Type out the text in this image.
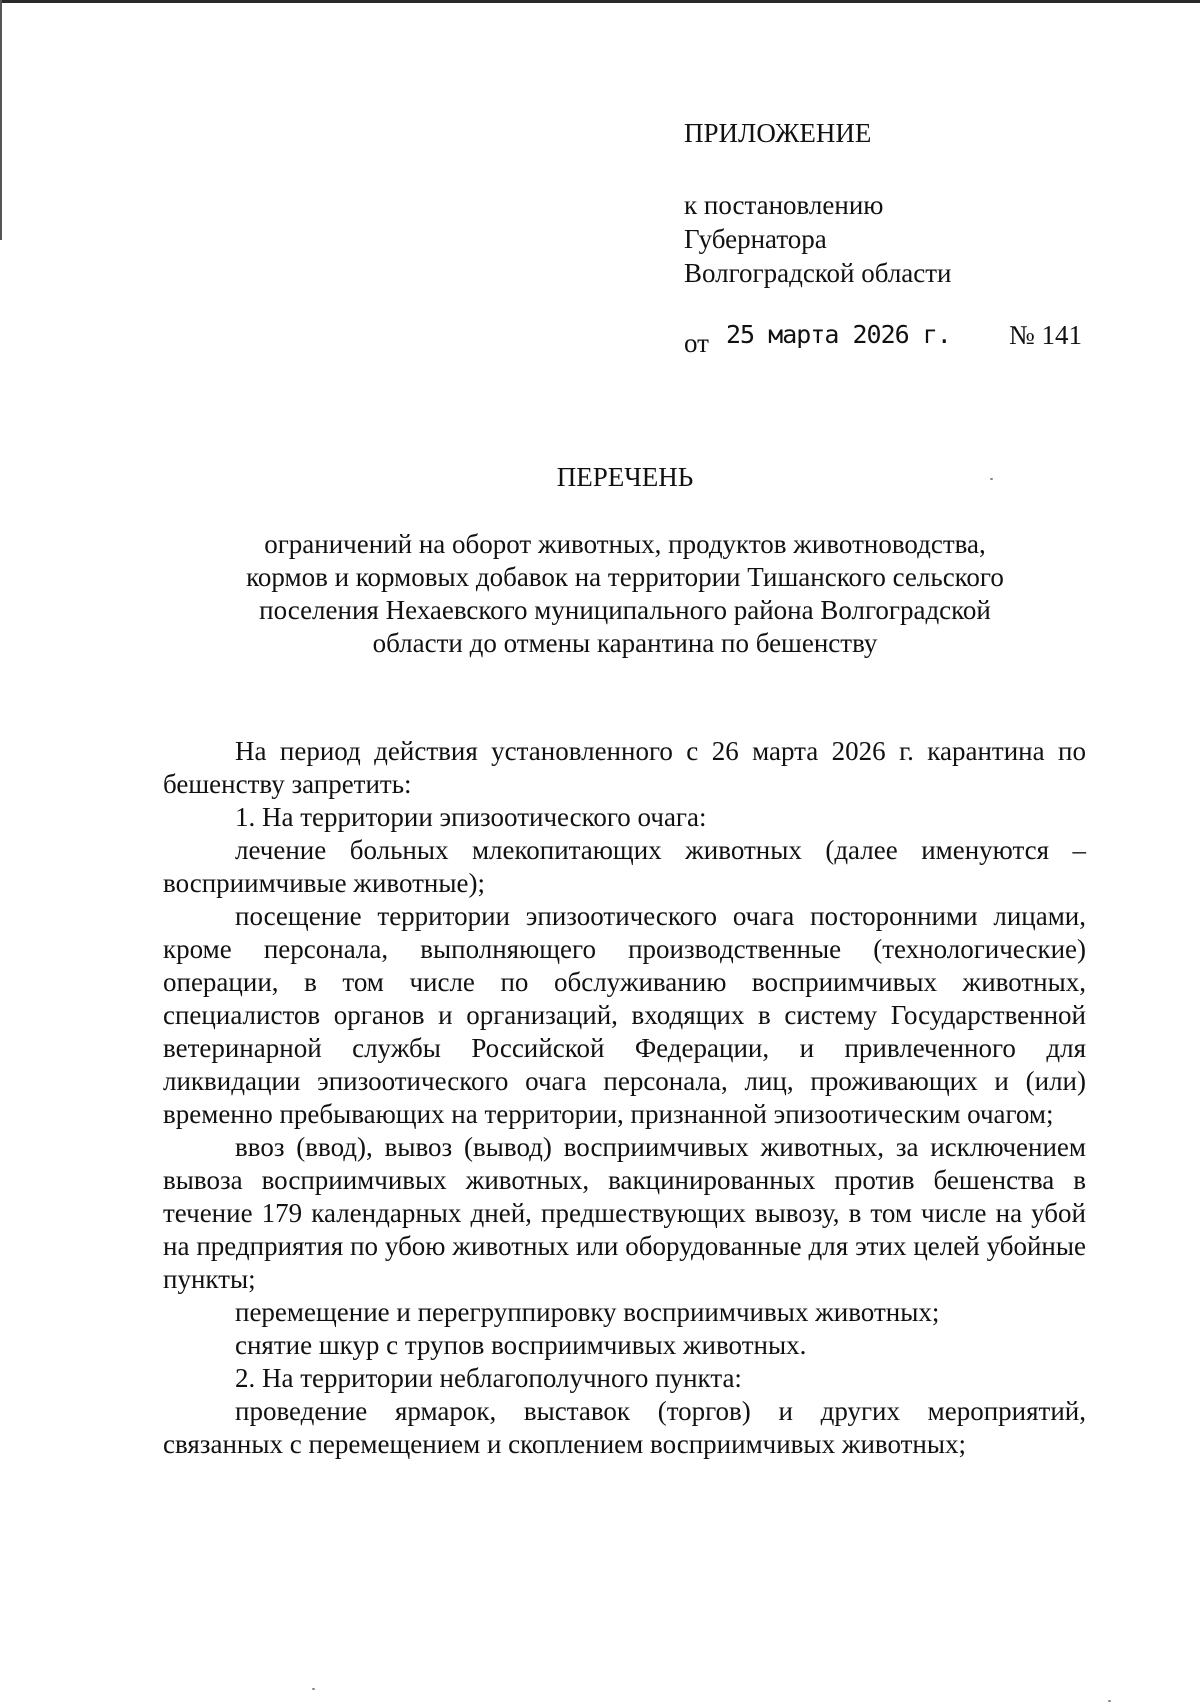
ПРИЛОЖЕНИЕ
к постановлению
Губернатора
Волгоградской области
от 25 марта 2026 г. № 141
ПЕРЕЧЕНЬ
ограничений на оборот животных, продуктов животноводства,
кормов и кормовых добавок на территории Тишанского сельского
поселения Нехаевского муниципального района Волгоградской
области до отмены карантина по бешенству

На период действия установленного с 26 марта 2026 г. карантина по бешенству запретить:

1. На территории эпизоотического очага:

лечение больных млекопитающих животных (далее именуются – восприимчивые животные);

посещение территории эпизоотического очага посторонними лицами, кроме персонала, выполняющего производственные (технологические) операции, в том числе по обслуживанию восприимчивых животных, специалистов органов и организаций, входящих в систему Государственной ветеринарной службы Российской Федерации, и привлеченного для ликвидации эпизоотического очага персонала, лиц, проживающих и (или) временно пребывающих на территории, признанной эпизоотическим очагом;

ввоз (ввод), вывоз (вывод) восприимчивых животных, за исключением вывоза восприимчивых животных, вакцинированных против бешенства в течение 179 календарных дней, предшествующих вывозу, в том числе на убой на предприятия по убою животных или оборудованные для этих целей убойные пункты;

перемещение и перегруппировку восприимчивых животных;

снятие шкур с трупов восприимчивых животных.

2. На территории неблагополучного пункта:

проведение ярмарок, выставок (торгов) и других мероприятий, связанных с перемещением и скоплением восприимчивых животных;
